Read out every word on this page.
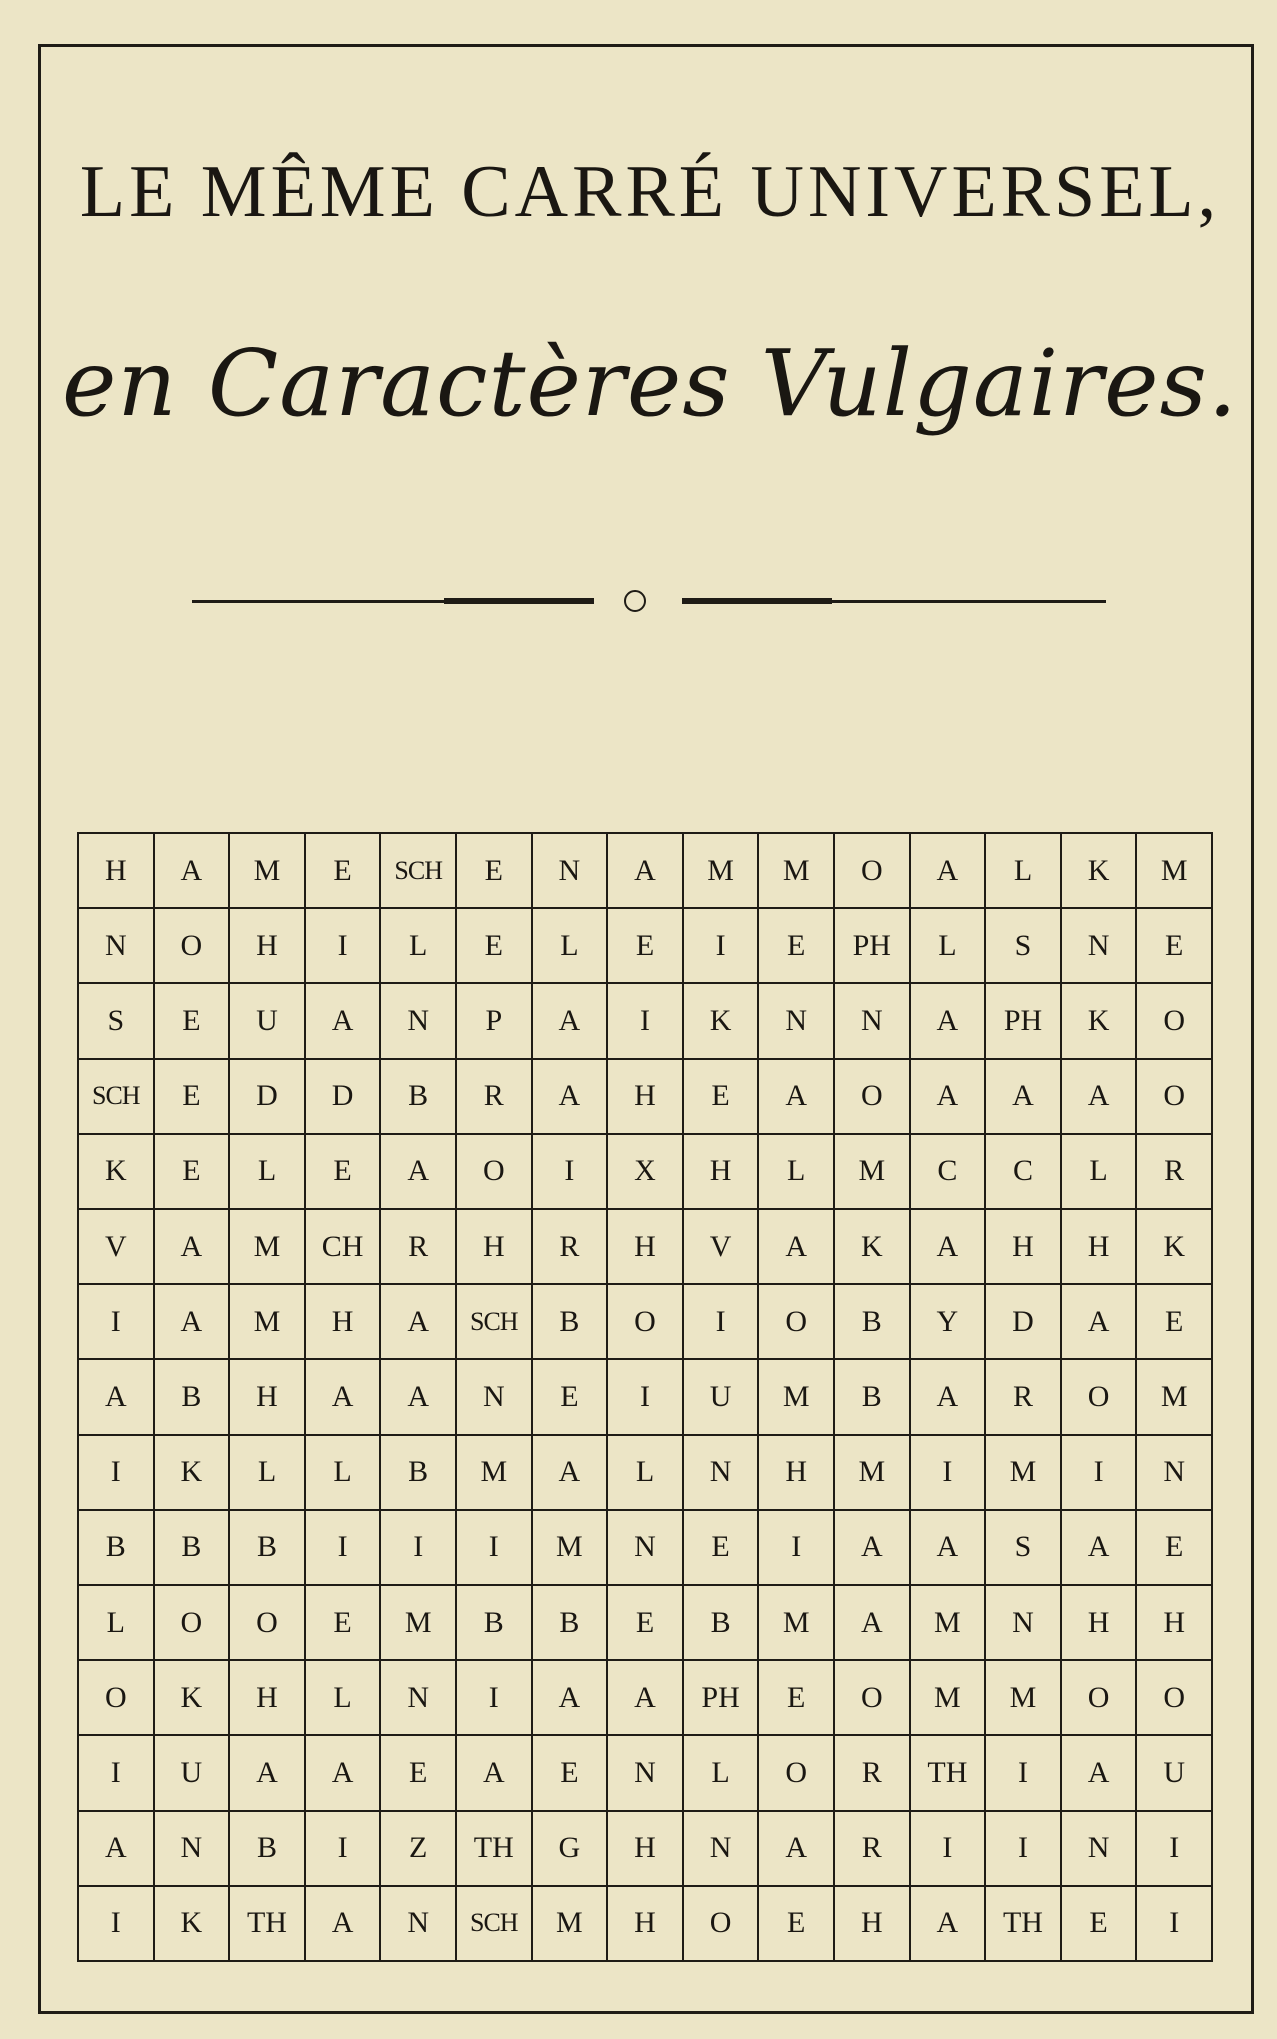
LE MÊME CARRÉ UNIVERSEL,
en Caractères Vulgaires.
H	A	M	E	SCH	E	N	A	M	M	O	A	L	K	M
N	O	H	I	L	E	L	E	I	E	PH	L	S	N	E
S	E	U	A	N	P	A	I	K	N	N	A	PH	K	O
SCH	E	D	D	B	R	A	H	E	A	O	A	A	A	O
K	E	L	E	A	O	I	X	H	L	M	C	C	L	R
V	A	M	CH	R	H	R	H	V	A	K	A	H	H	K
I	A	M	H	A	SCH	B	O	I	O	B	Y	D	A	E
A	B	H	A	A	N	E	I	U	M	B	A	R	O	M
I	K	L	L	B	M	A	L	N	H	M	I	M	I	N
B	B	B	I	I	I	M	N	E	I	A	A	S	A	E
L	O	O	E	M	B	B	E	B	M	A	M	N	H	H
O	K	H	L	N	I	A	A	PH	E	O	M	M	O	O
I	U	A	A	E	A	E	N	L	O	R	TH	I	A	U
A	N	B	I	Z	TH	G	H	N	A	R	I	I	N	I
I	K	TH	A	N	SCH	M	H	O	E	H	A	TH	E	I
